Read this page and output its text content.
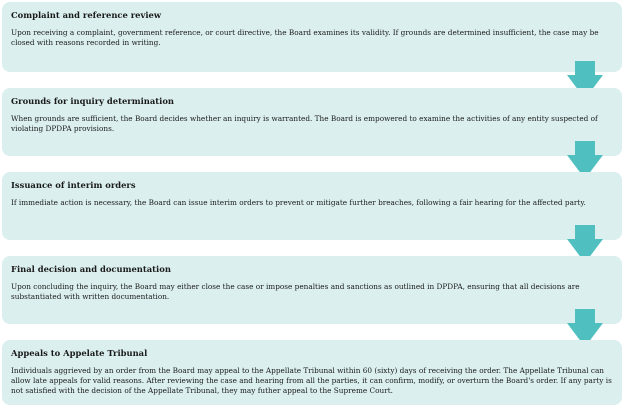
Complaint and reference review
Upon receiving a complaint, government reference, or court directive, the Board examines its validity. If grounds are determined insufficient, the case may be closed with reasons recorded in writing.
Grounds for inquiry determination
When grounds are sufficient, the Board decides whether an inquiry is warranted. The Board is empowered to examine the activities of any entity suspected of violating DPDPA provisions.
Issuance of interim orders
If immediate action is necessary, the Board can issue interim orders to prevent or mitigate further breaches, following a fair hearing for the affected party.
Final decision and documentation
Upon concluding the inquiry, the Board may either close the case or impose penalties and sanctions as outlined in DPDPA, ensuring that all decisions are substantiated with written documentation.
Appeals to Appelate Tribunal
Individuals aggrieved by an order from the Board may appeal to the Appellate Tribunal within 60 (sixty) days of receiving the order. The Appellate Tribunal can allow late appeals for valid reasons. After reviewing the case and hearing from all the parties, it can confirm, modify, or overturn the Board's order. If any party is not satisfied with the decision of the Appellate Tribunal, they may futher appeal to the Supreme Court.
